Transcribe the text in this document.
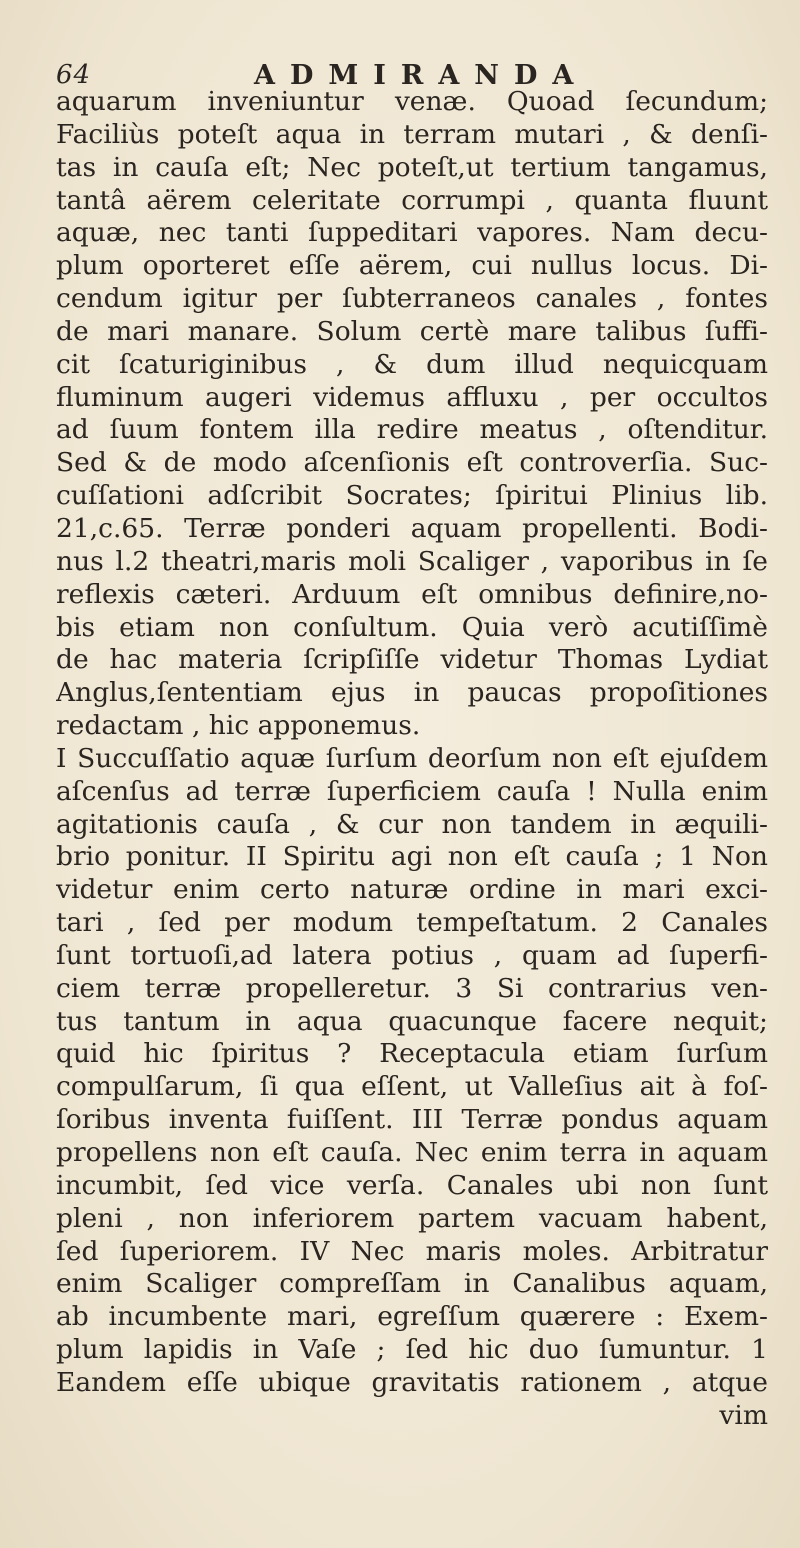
64	ADMIRANDA
aquarum inveniuntur venæ. Quoad ſecundum;
Faciliùs poteſt aqua in terram mutari , & denſi-
tas in cauſa eſt; Nec poteſt,ut tertium tangamus,
tantâ aërem celeritate corrumpi , quanta fluunt
aquæ, nec tanti ſuppeditari vapores. Nam decu-
plum oporteret eſſe aërem, cui nullus locus. Di-
cendum igitur per ſubterraneos canales , fontes
de mari manare. Solum certè mare talibus ſuffi-
cit ſcaturiginibus , & dum illud nequicquam
fluminum augeri videmus affluxu , per occultos
ad ſuum fontem illa redire meatus , oſtenditur.
Sed & de modo aſcenſionis eſt controverſia. Suc-
cuſſationi adſcribit Socrates; ſpiritui Plinius lib.
21,c.65. Terræ ponderi aquam propellenti. Bodi-
nus l.2 theatri,maris moli Scaliger , vaporibus in ſe
reflexis cæteri. Arduum eſt omnibus definire,no-
bis etiam non conſultum. Quia verò acutiſſimè
de hac materia ſcripſiſſe videtur Thomas Lydiat
Anglus,ſententiam ejus in paucas propoſitiones
redactam , hic apponemus.
I Succuſſatio aquæ ſurſum deorſum non eſt ejuſdem
aſcenſus ad terræ ſuperficiem cauſa ! Nulla enim
agitationis cauſa , & cur non tandem in æquili-
brio ponitur. II Spiritu agi non eſt cauſa ; 1 Non
videtur enim certo naturæ ordine in mari exci-
tari , ſed per modum tempeſtatum. 2 Canales
ſunt tortuoſi,ad latera potius , quam ad ſuperfi-
ciem terræ propelleretur. 3 Si contrarius ven-
tus tantum in aqua quacunque facere nequit;
quid hic ſpiritus ? Receptacula etiam ſurſum
compulſarum, ſi qua eſſent, ut Valleſius ait à foſ-
ſoribus inventa fuiſſent. III Terræ pondus aquam
propellens non eſt cauſa. Nec enim terra in aquam
incumbit, ſed vice verſa. Canales ubi non ſunt
pleni , non inferiorem partem vacuam habent,
ſed ſuperiorem. IV Nec maris moles. Arbitratur
enim Scaliger compreſſam in Canalibus aquam,
ab incumbente mari, egreſſum quærere : Exem-
plum lapidis in Vaſe ; ſed hic duo ſumuntur. 1
Eandem eſſe ubique gravitatis rationem , atque
vim
